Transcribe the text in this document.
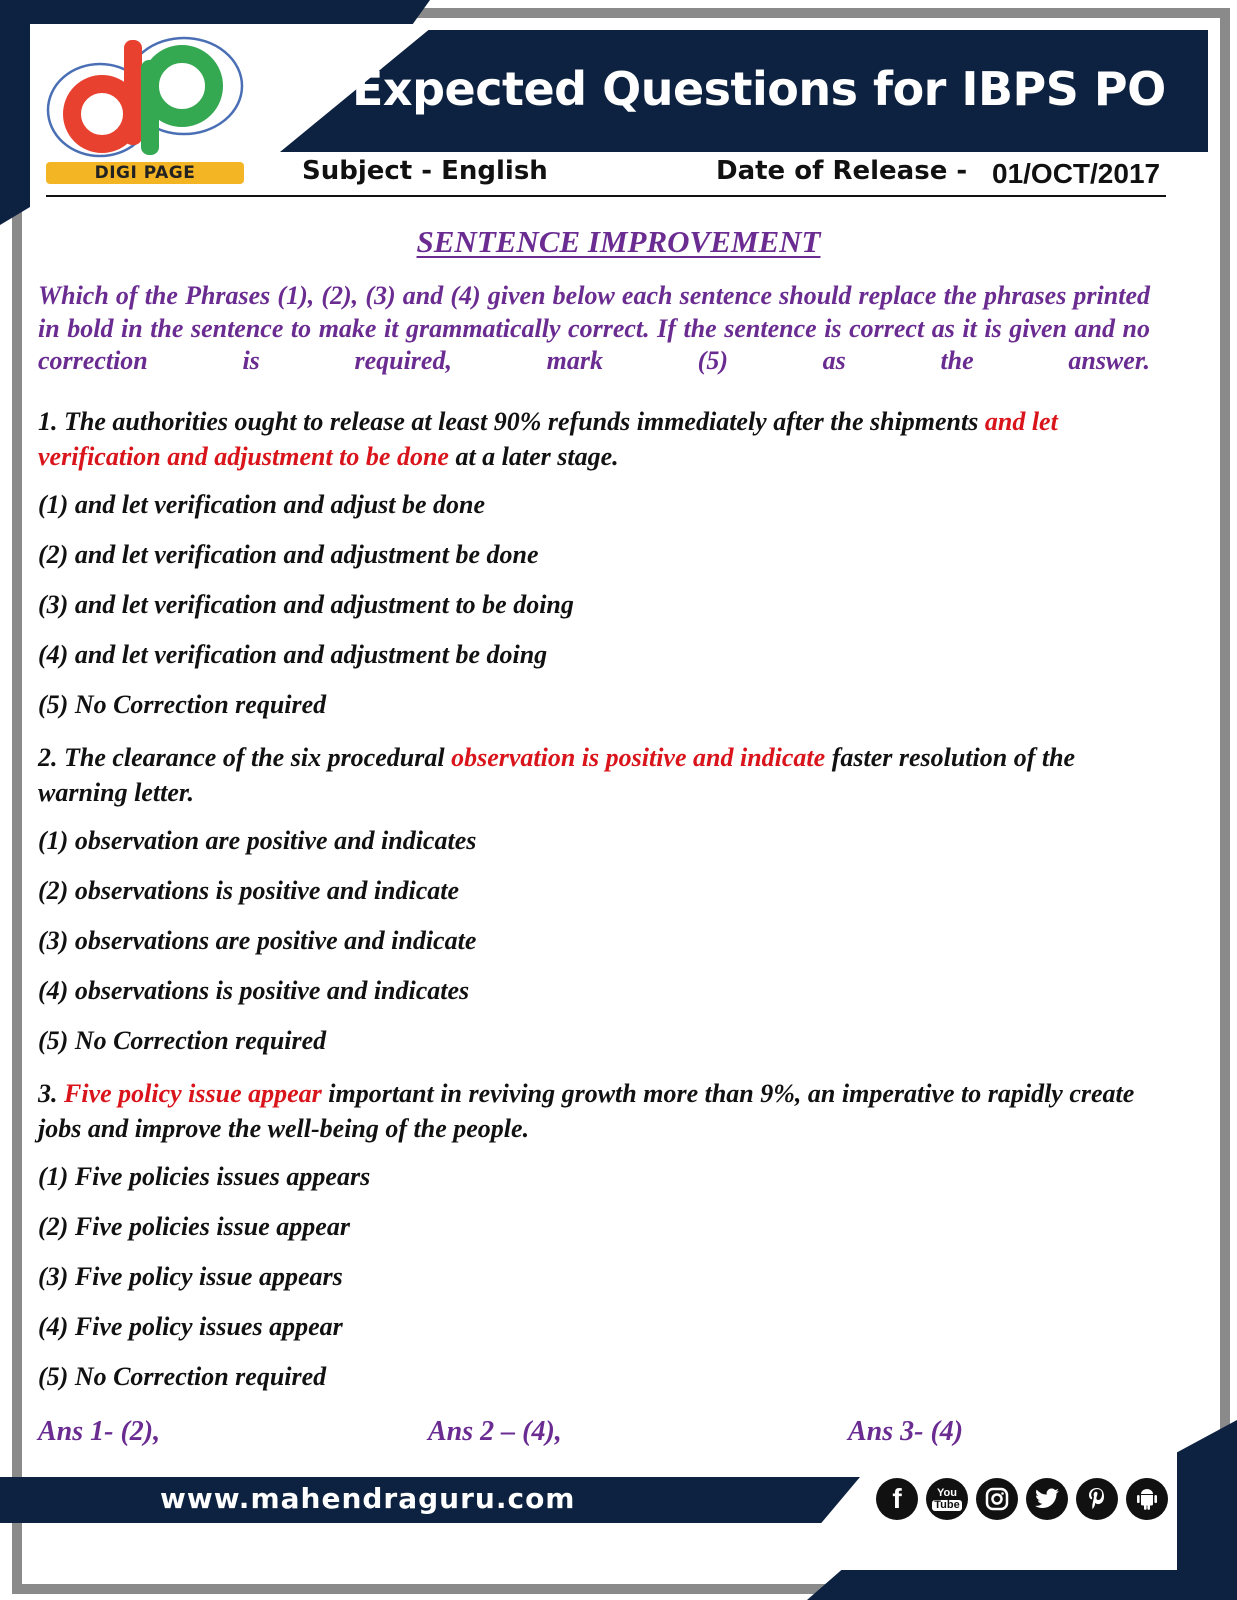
Expected Questions for IBPS PO
DIGI PAGE	Subject - English	Date of Release - 01/OCT/2017
SENTENCE IMPROVEMENT
Which of the Phrases (1), (2), (3) and (4) given below each sentence should replace the phrases printed in bold in the sentence to make it grammatically correct. If the sentence is correct as it is given and no correction is required, mark (5) as the answer.
1. The authorities ought to release at least 90% refunds immediately after the shipments and let verification and adjustment to be done at a later stage.
(1) and let verification and adjust be done
(2) and let verification and adjustment be done
(3) and let verification and adjustment to be doing
(4) and let verification and adjustment be doing
(5) No Correction required
2. The clearance of the six procedural observation is positive and indicate faster resolution of the warning letter.
(1) observation are positive and indicates
(2) observations is positive and indicate
(3) observations are positive and indicate
(4) observations is positive and indicates
(5) No Correction required
3. Five policy issue appear important in reviving growth more than 9%, an imperative to rapidly create jobs and improve the well-being of the people.
(1) Five policies issues appears
(2) Five policies issue appear
(3) Five policy issue appears
(4) Five policy issues appear
(5) No Correction required
Ans 1- (2),	Ans 2 – (4),	Ans 3- (4)
www.mahendraguru.com	f	You
Tube
